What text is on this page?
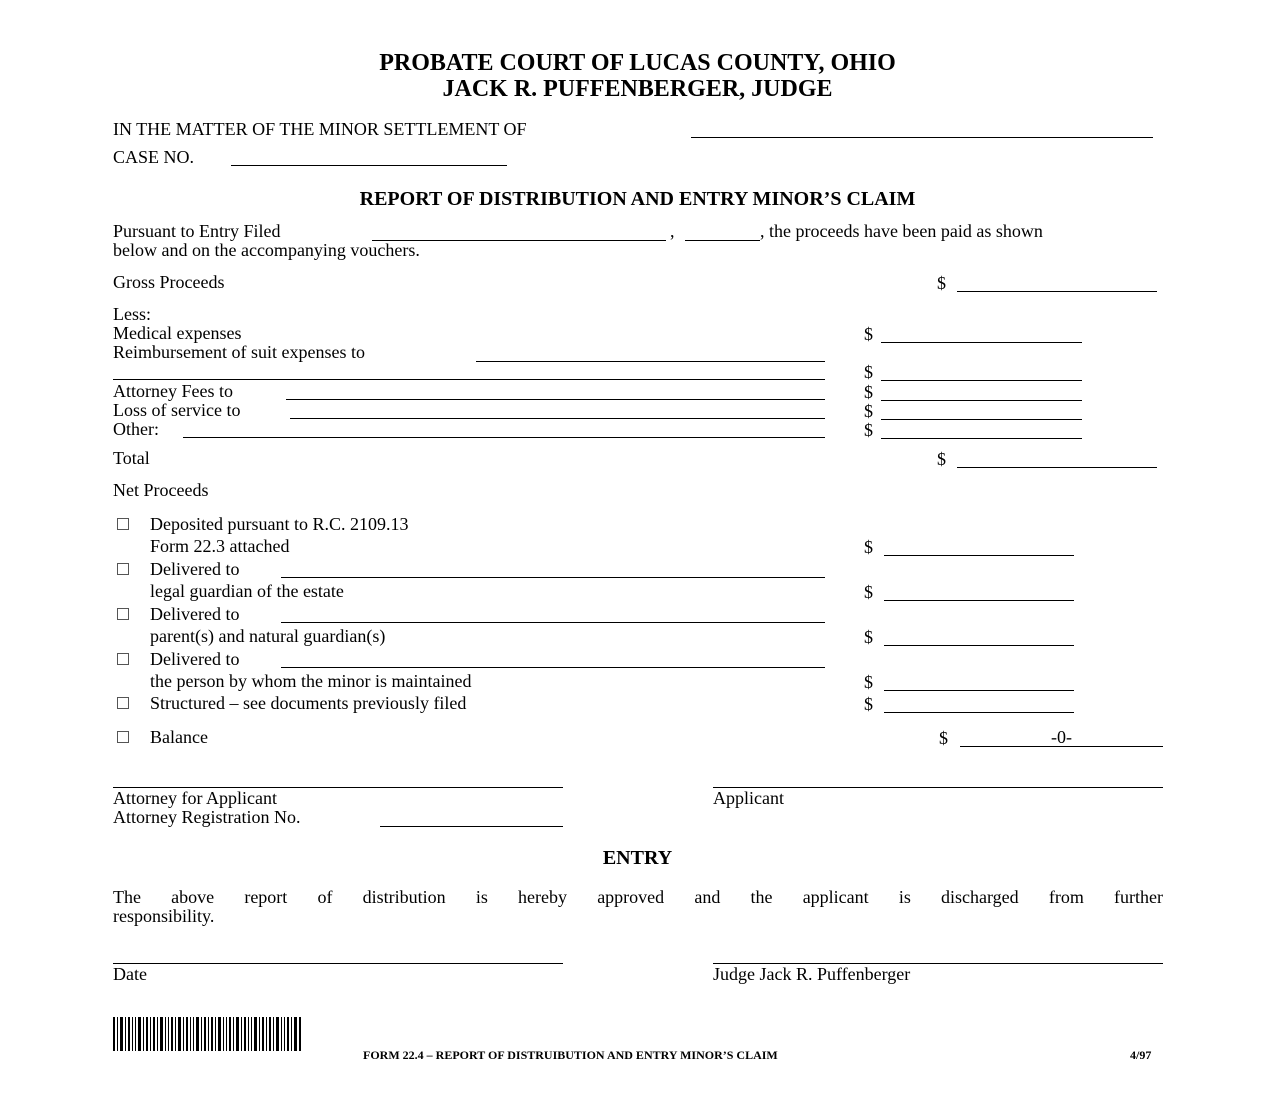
PROBATE COURT OF LUCAS COUNTY, OHIO
JACK R. PUFFENBERGER, JUDGE
IN THE MATTER OF THE MINOR SETTLEMENT OF
CASE NO.
REPORT OF DISTRIBUTION AND ENTRY MINOR’S CLAIM
Pursuant to Entry Filed	,	, the proceeds have been paid as shown
below and on the accompanying vouchers.
Gross Proceeds	$
Less:
Medical expenses	$
Reimbursement of suit expenses to
$
Attorney Fees to	$
Loss of service to	$
Other:	$
Total	$
Net Proceeds
Deposited pursuant to R.C. 2109.13
Form 22.3 attached	$
Delivered to
legal guardian of the estate	$
Delivered to
parent(s) and natural guardian(s)	$
Delivered to
the person by whom the minor is maintained	$
Structured – see documents previously filed	$
Balance	$	-0-
Attorney for Applicant	Applicant
Attorney Registration No.
ENTRY
The above report of distribution is hereby approved and the applicant is discharged from further
responsibility.
Date	Judge Jack R. Puffenberger
FORM 22.4 – REPORT OF DISTRUIBUTION AND ENTRY MINOR’S CLAIM	4/97
